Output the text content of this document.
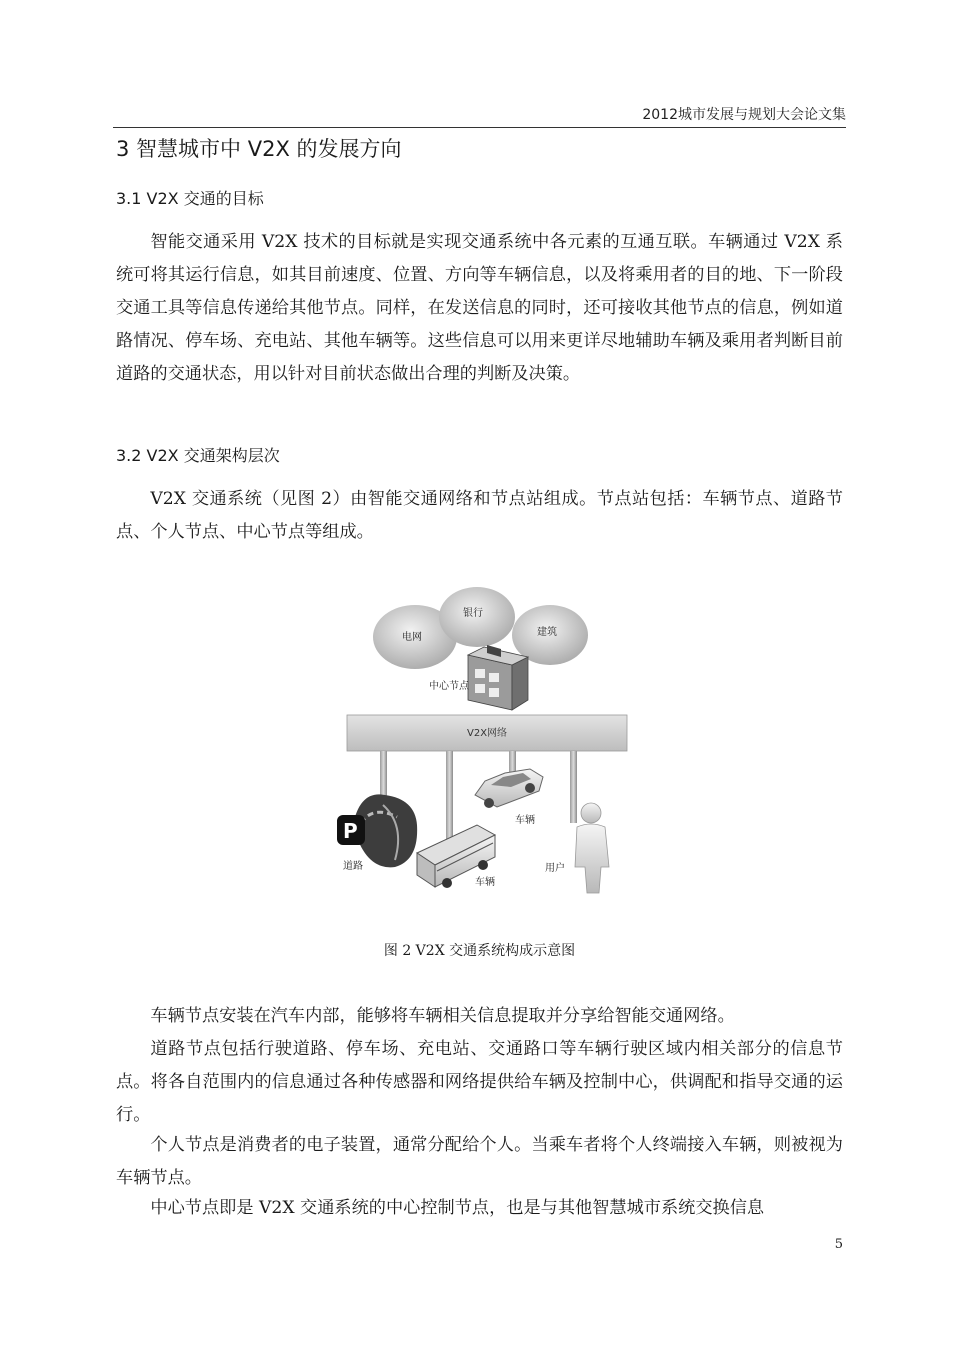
2012城市发展与规划大会论文集
3 智慧城市中 V2X 的发展方向
3.1 V2X 交通的目标

智能交通采用 V2X 技术的目标就是实现交通系统中各元素的互通互联。车辆通过 V2X 系统可将其运行信息，如其目前速度、位置、方向等车辆信息，以及将乘用者的目的地、下一阶段交通工具等信息传递给其他节点。同样，在发送信息的同时，还可接收其他节点的信息，例如道路情况、停车场、充电站、其他车辆等。这些信息可以用来更详尽地辅助车辆及乘用者判断目前道路的交通状态，用以针对目前状态做出合理的判断及决策。

3.2 V2X 交通架构层次

V2X 交通系统（见图 2）由智能交通网络和节点站组成。节点站包括：车辆节点、道路节点、个人节点、中心节点等组成。

电网
银行
建筑
中心节点
V2X网络
P
道路
车辆
车辆
用户
图 2 V2X 交通系统构成示意图

车辆节点安装在汽车内部，能够将车辆相关信息提取并分享给智能交通网络。

道路节点包括行驶道路、停车场、充电站、交通路口等车辆行驶区域内相关部分的信息节点。将各自范围内的信息通过各种传感器和网络提供给车辆及控制中心，供调配和指导交通的运行。

个人节点是消费者的电子装置，通常分配给个人。当乘车者将个人终端接入车辆，则被视为车辆节点。

中心节点即是 V2X 交通系统的中心控制节点，也是与其他智慧城市系统交换信息

5
